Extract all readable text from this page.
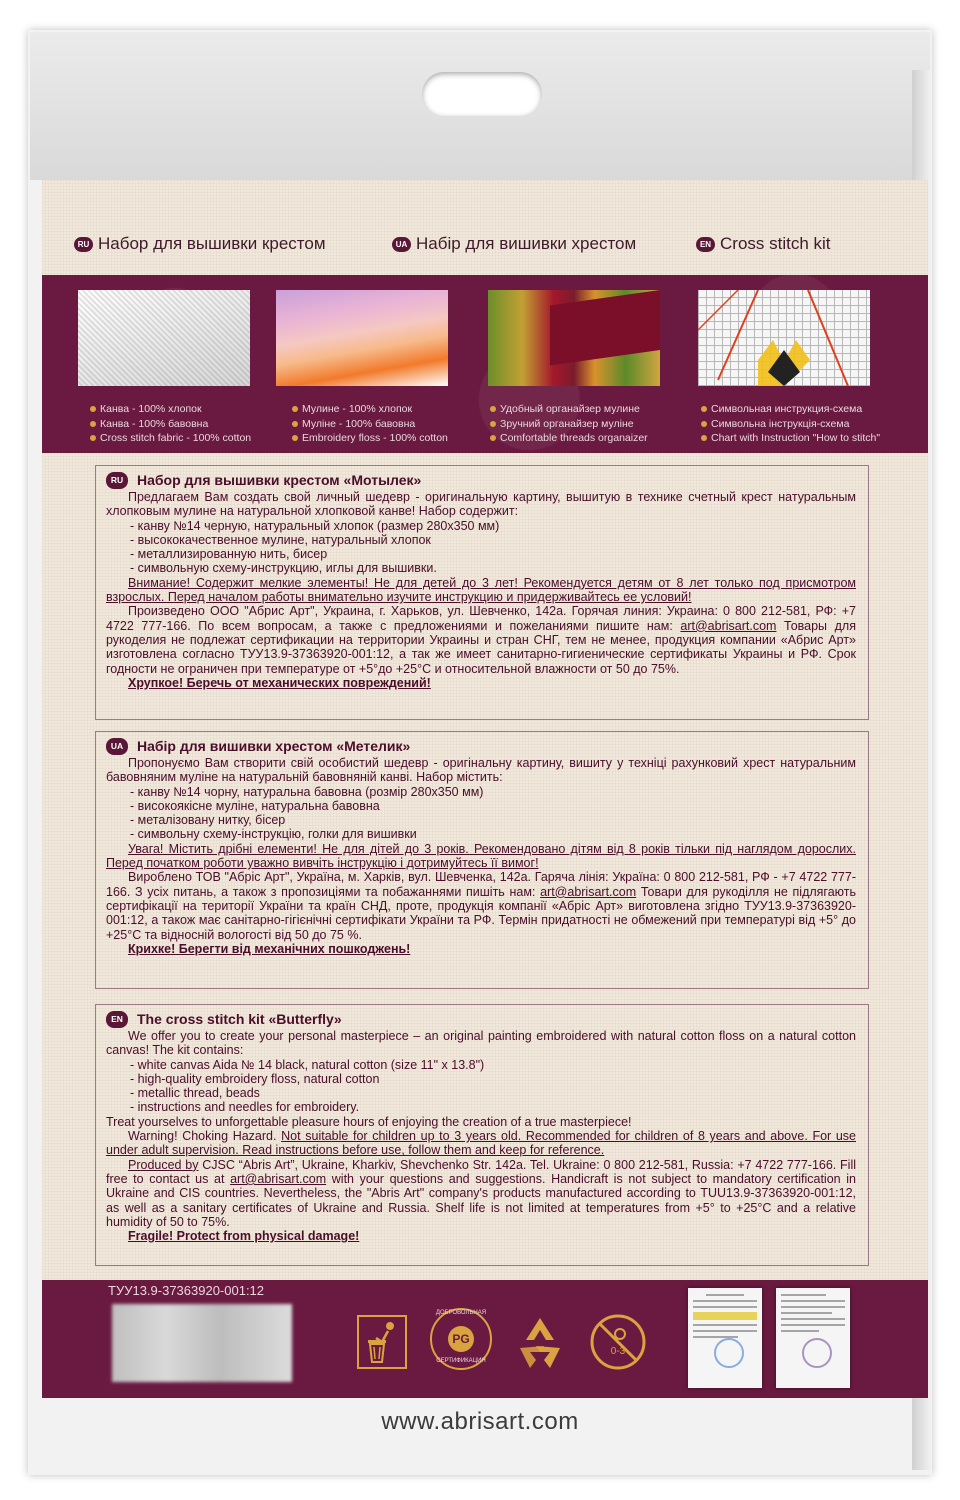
RU Набор для вышивки крестом	UA Набір для вишивки хрестом	EN Cross stitch kit
Канва - 100% хлопок
Канва - 100% бавовна
Cross stitch fabric - 100% cotton
Мулине - 100% хлопок
Муліне - 100% бавовна
Embroidery floss - 100% cotton
Удобный органайзер мулине
Зручний органайзер муліне
Comfortable threads organaizer
Символьная инструкция-схема
Символьна інструкція-схема
Chart with Instruction "How to stitch"
RU Набор для вышивки крестом «Мотылек»

Предлагаем Вам создать свой личный шедевр - оригинальную картину, вышитую в технике счетный крест натуральным хлопковым мулине на натуральной хлопковой канве! Набор содержит:

- канву №14 черную, натуральный хлопок (размер 280х350 мм)

- высококачественное мулине, натуральный хлопок

- металлизированную нить, бисер

- символьную схему-инструкцию, иглы для вышивки.

Внимание! Содержит мелкие элементы! Не для детей до 3 лет! Рекомендуется детям от 8 лет только под присмотром взрослых. Перед началом работы внимательно изучите инструкцию и придерживайтесь ее условий!

Произведено ООО "Абрис Арт", Украина, г. Харьков, ул. Шевченко, 142а. Горячая линия: Украина: 0 800 212-581, РФ: +7 4722 777-166. По всем вопросам, а также с предложениями и пожеланиями пишите нам: art@abrisart.com Товары для рукоделия не подлежат сертификации на территории Украины и стран СНГ, тем не менее, продукция компании «Абрис Арт» изготовлена согласно ТУУ13.9-37363920-001:12, а так же имеет санитарно-гигиенические сертификаты Украины и РФ. Срок годности не ограничен при температуре от +5°до +25°С и относительной влажности от 50 до 75%.

Хрупкое! Беречь от механических повреждений!

UA Набір для вишивки хрестом «Метелик»

Пропонуємо Вам створити свій особистий шедевр - оригінальну картину, вишиту у техніці рахунковий хрест натуральним бавовняним муліне на натуральній бавовняній канві. Набор містить:

- канву №14 чорну, натуральна бавовна (розмір 280х350 мм)

- високоякісне муліне, натуральна бавовна

- металізовану нитку, бісер

- символьну схему-інструкцію, голки для вишивки

Увага! Містить дрібні елементи! Не для дітей до 3 років. Рекомендовано дітям від 8 років тільки під наглядом дорослих. Перед початком роботи уважно вивчіть інструкцію і дотримуйтесь її вимог!

Вироблено ТОВ "Абріс Арт", Україна, м. Харків, вул. Шевченка, 142а. Гаряча лінія: Україна: 0 800 212-581, РФ - +7 4722 777-166. З усіх питань, а також з пропозиціями та побажаннями пишіть нам: art@abrisart.com Товари для рукоділля не підлягають сертифікації на території України та країн СНД, проте, продукція компанії «Абріс Арт» виготовлена згідно ТУУ13.9-37363920-001:12, а також має санітарно-гігієнічні сертифікати України та РФ. Термін придатності не обмежений при температурі від +5° до +25°С та відносній вологості від 50 до 75 %.

Крихке! Берегти від механічних пошкоджень!

EN	The cross stitch kit «Butterfly»

We offer you to create your personal masterpiece – an original painting embroidered with natural cotton floss on a natural cotton canvas! The kit contains:

- white canvas Aida № 14 black, natural cotton (size 11" x 13.8")

- high-quality embroidery floss, natural cotton

- metallic thread, beads

- instructions and needles for embroidery.

Treat yourselves to unforgettable pleasure hours of enjoying the creation of a true masterpiece!

Warning! Choking Hazard. Not suitable for children up to 3 years old. Recommended for children of 8 years and above. For use under adult supervision. Read instructions before use, follow them and keep for reference.

Produced by CJSC “Abris Art”, Ukraine, Kharkiv, Shevchenko Str. 142a. Tel. Ukraine: 0 800 212-581, Russia: +7 4722 777-166. Fill free to contact us at art@abrisart.com with your questions and suggestions. Handicraft is not subject to mandatory certification in Ukraine and CIS countries. Nevertheless, the "Abris Art" company's products manufactured according to TUU13.9-37363920-001:12, as well as a sanitary certificates of Ukraine and Russia. Shelf life is not limited at temperatures from +5° to +25°C and a relative humidity of 50 to 75%.

Fragile! Protect from physical damage!

ТУУ13.9-37363920-001:12
ДОБРОВОЛЬНАЯ
PG
СЕРТИФИКАЦИЯ
0-3
www.abrisart.com
